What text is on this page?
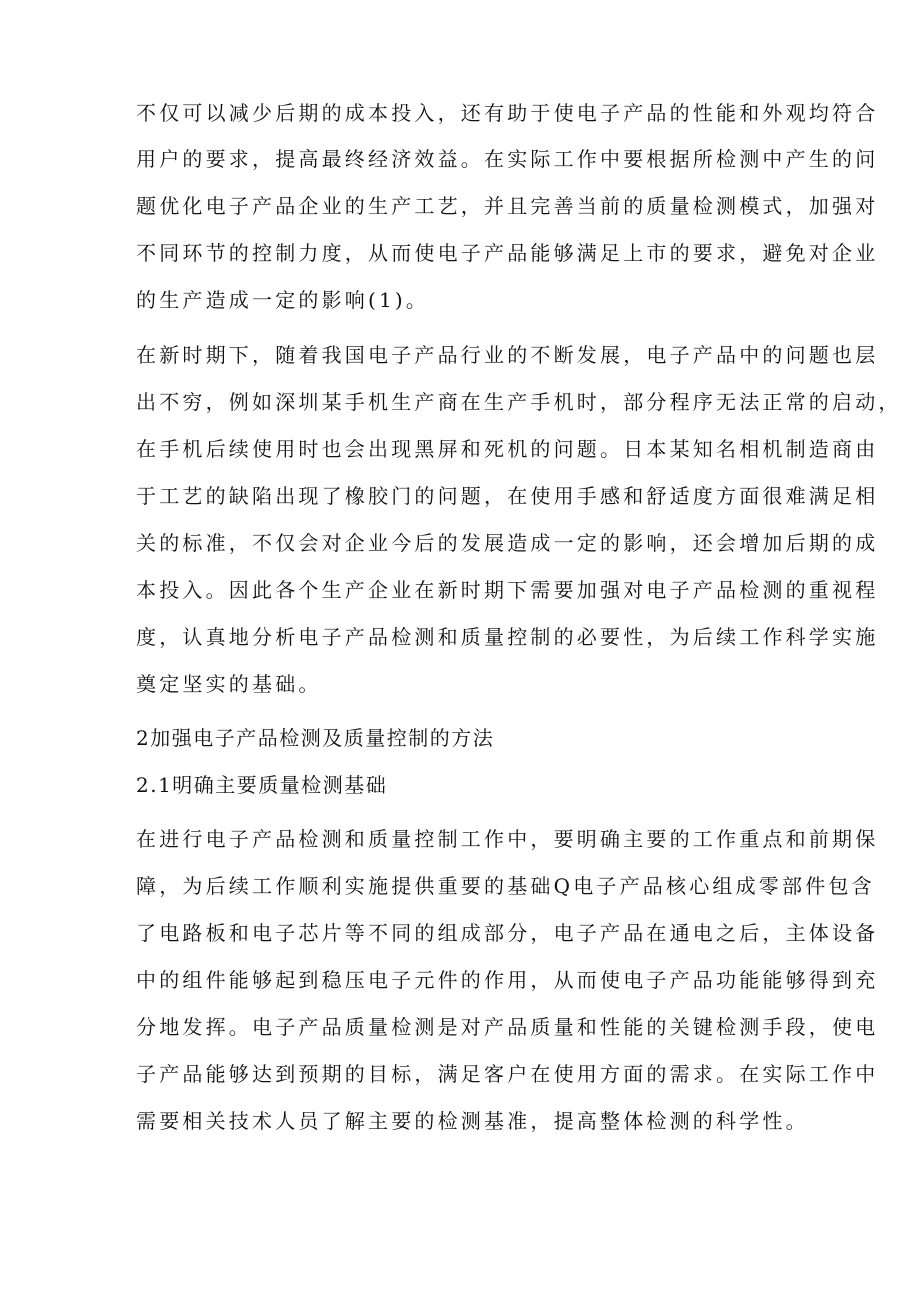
不仅可以减少后期的成本投入，还有助于使电子产品的性能和外观均符合
用户的要求，提高最终经济效益。在实际工作中要根据所检测中产生的问
题优化电子产品企业的生产工艺，并且完善当前的质量检测模式，加强对
不同环节的控制力度，从而使电子产品能够满足上市的要求，避免对企业
的生产造成一定的影响(1)。
在新时期下，随着我国电子产品行业的不断发展，电子产品中的问题也层
出不穷，例如深圳某手机生产商在生产手机时，部分程序无法正常的启动，
在手机后续使用时也会出现黑屏和死机的问题。日本某知名相机制造商由
于工艺的缺陷出现了橡胶门的问题，在使用手感和舒适度方面很难满足相
关的标准，不仅会对企业今后的发展造成一定的影响，还会增加后期的成
本投入。因此各个生产企业在新时期下需要加强对电子产品检测的重视程
度，认真地分析电子产品检测和质量控制的必要性，为后续工作科学实施
奠定坚实的基础。
2加强电子产品检测及质量控制的方法
2.1明确主要质量检测基础
在进行电子产品检测和质量控制工作中，要明确主要的工作重点和前期保
障，为后续工作顺利实施提供重要的基础Q电子产品核心组成零部件包含
了电路板和电子芯片等不同的组成部分，电子产品在通电之后，主体设备
中的组件能够起到稳压电子元件的作用，从而使电子产品功能能够得到充
分地发挥。电子产品质量检测是对产品质量和性能的关键检测手段，使电
子产品能够达到预期的目标，满足客户在使用方面的需求。在实际工作中
需要相关技术人员了解主要的检测基准，提高整体检测的科学性。
